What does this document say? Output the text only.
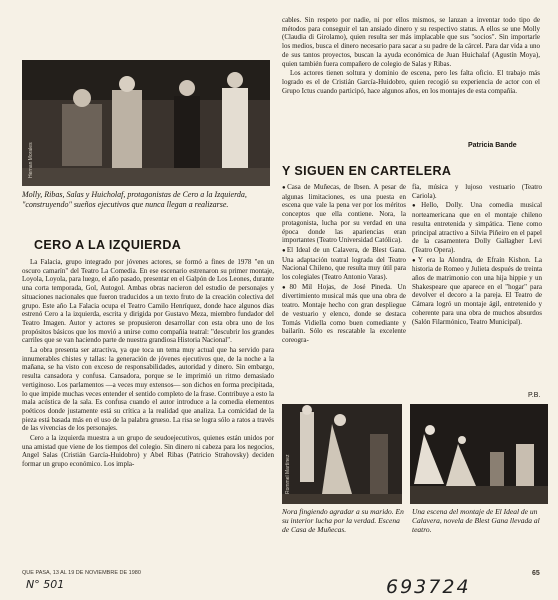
Hernan Morales
Molly, Ribas, Salas y Huicholaf, protagonistas de Cero a la Izquierda, "construyendo" sueños ejecutivos que nunca llegan a realizarse.
CERO A LA IZQUIERDA

La Falacia, grupo integrado por jóvenes actores, se formó a fines de 1978 "en un oscuro camarín" del Teatro La Comedia. En ese escenario estrenaron su primer montaje, Loyola, Loyola, para luego, el año pasado, presentar en el Galpón de Los Leones, durante una corta temporada, Gol, Autogol. Ambas obras nacieron del estudio de personajes y situaciones nacionales que fueron traducidos a un texto fruto de la creación colectiva del grupo. Este año La Falacia ocupa el Teatro Camilo Henríquez, donde hace algunos días estrenó Cero a la izquierda, escrita y dirigida por Gustavo Meza, miembro fundador del Teatro Imagen. Autor y actores se propusieron desarrollar con esta obra uno de los propósitos básicos que los movió a unirse como compañía teatral: "descubrir los grandes carriles que se van haciendo parte de nuestra grandiosa Historia Nacional".

La obra presenta ser atractiva, ya que toca un tema muy actual que ha servido para innumerables chistes y tallas: la generación de jóvenes ejecutivos que, de la noche a la mañana, se ha visto con exceso de responsabilidades, autoridad y dinero. Sin embargo, resulta cansadora y confusa. Cansadora, porque se le imprimió un ritmo demasiado vertiginoso. Los parlamentos —a veces muy extensos— son dichos en forma precipitada, lo que impide muchas veces entender el sentido completo de la frase. Contribuye a esto la mala acústica de la sala. Es confusa cuando el autor introduce a la comedia elementos poéticos donde justamente está su crítica a la realidad que analiza. La comicidad de la pieza está basada más en el uso de la palabra grueso. La risa se logra sólo a ratos a través de las vivencias de los personajes.

Cero a la izquierda muestra a un grupo de seudoejecutivos, quienes están unidos por una amistad que viene de los tiempos del colegio. Sin dinero ni cabeza para los negocios, Angel Salas (Cristián García-Huidobro) y Abel Ribas (Patricio Strahovsky) deciden formar un grupo económico. Los impla-

cables. Sin respeto por nadie, ni por ellos mismos, se lanzan a inventar todo tipo de métodos para conseguir el tan ansiado dinero y su respectivo status. A ellos se une Molly (Claudia di Girolamo), quien resulta ser más implacable que sus "socios". Sin importarle los medios, busca el dinero necesario para sacar a su padre de la cárcel. Para dar vida a uno de sus tantos proyectos, buscan la ayuda económica de Juan Huichalaf (Agustín Moya), quien también fuera compañero de colegio de Salas y Ribas.

Los actores tienen soltura y dominio de escena, pero les falta oficio. El trabajo más logrado es el de Cristián García-Huidobro, quien recogió su experiencia de actor con el Grupo Ictus cuando participó, hace algunos años, en los montajes de esta compañía.

Patricia Bande
Y SIGUEN EN CARTELERA

● Casa de Muñecas, de Ibsen. A pesar de algunas limitaciones, es una puesta en escena que vale la pena ver por los méritos conceptos que ella contiene. Nora, la protagonista, lucha por su verdad en una época donde las apariencias eran importantes (Teatro Universidad Católica).

● El Ideal de un Calavera, de Blest Gana. Una adaptación teatral lograda del Teatro Nacional Chileno, que resulta muy útil para los colegiales (Teatro Antonio Varas).

● 80 Mil Hojas, de José Pineda. Un divertimiento musical más que una obra de teatro. Montaje hecho con gran despliegue de vestuario y elenco, donde se destaca Tomás Vidiella como buen comediante y bailarín. Sólo es rescatable la excelente coreogra-

fía, música y lujoso vestuario (Teatro Cariola).

● Hello, Dolly. Una comedia musical norteamericana que en el montaje chileno resulta entretenida y simpática. Tiene como principal atractivo a Silvia Piñeiro en el papel de la casamentera Dolly Gallagher Levi (Teatro Opera).

● Y era la Alondra, de Efraín Kishon. La historia de Romeo y Julieta después de treinta años de matrimonio con una hija hippie y un Shakespeare que aparece en el "hogar" para devolver el decoro a la pareja. El Teatro de Cámara logró un montaje ágil, entretenido y coherente para una obra de muchos absurdos (Salón Filarmónico, Teatro Municipal).

P.B.
Rommel Martínez
Nora fingiendo agradar a su marido. En su interior lucha por la verdad. Escena de Casa de Muñecas.
Una escena del montaje de El Ideal de un Calavera, novela de Blest Gana llevada al teatro.
QUE PASA, 13 AL 19 DE NOVIEMBRE DE 1980	65
N° 501	693724
